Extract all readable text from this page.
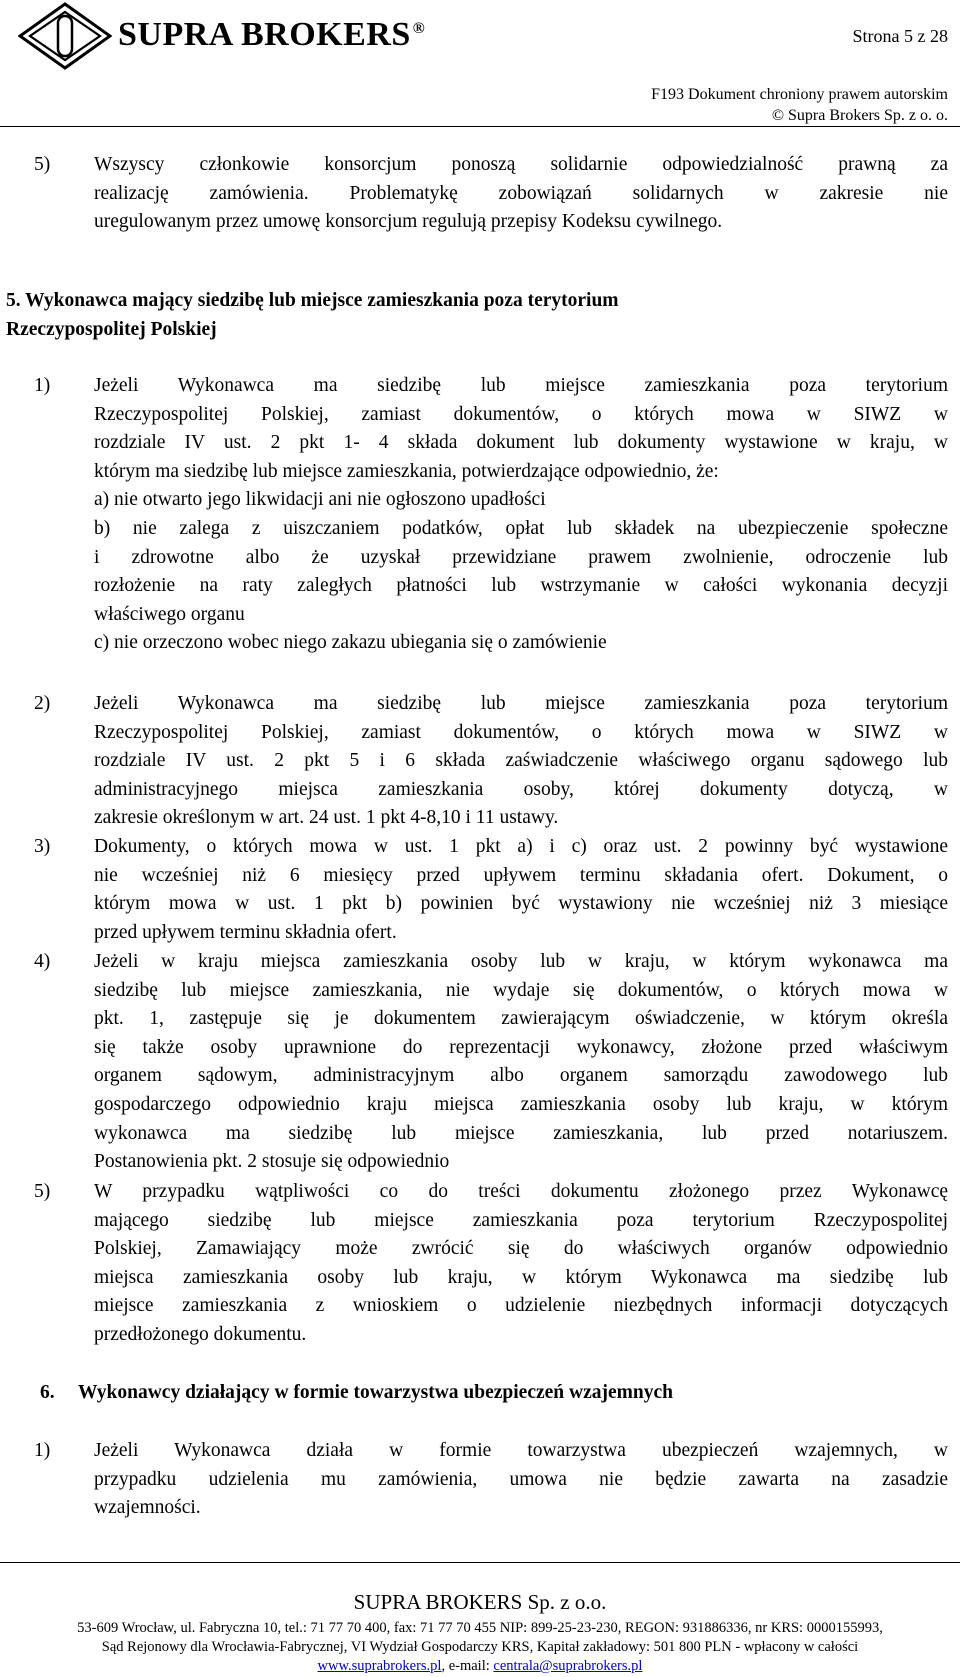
SUPRA BROKERS ®	Strona 5 z 28
F193 Dokument chroniony prawem autorskim
© Supra Brokers Sp. z o. o.
5) Wszyscy członkowie konsorcjum ponoszą solidarnie odpowiedzialność prawną za
realizację zamówienia. Problematykę zobowiązań solidarnych w zakresie nie
uregulowanym przez umowę konsorcjum regulują przepisy Kodeksu cywilnego.
5. Wykonawca mający siedzibę lub miejsce zamieszkania poza terytorium
Rzeczypospolitej Polskiej
1) Jeżeli Wykonawca ma siedzibę lub miejsce zamieszkania poza terytorium
Rzeczypospolitej Polskiej, zamiast dokumentów, o których mowa w SIWZ w
rozdziale IV ust. 2 pkt 1- 4 składa dokument lub dokumenty wystawione w kraju, w
którym ma siedzibę lub miejsce zamieszkania, potwierdzające odpowiednio, że:
a) nie otwarto jego likwidacji ani nie ogłoszono upadłości
b) nie zalega z uiszczaniem podatków, opłat lub składek na ubezpieczenie społeczne
i zdrowotne albo że uzyskał przewidziane prawem zwolnienie, odroczenie lub
rozłożenie na raty zaległych płatności lub wstrzymanie w całości wykonania decyzji
właściwego organu
c) nie orzeczono wobec niego zakazu ubiegania się o zamówienie
2) Jeżeli Wykonawca ma siedzibę lub miejsce zamieszkania poza terytorium
Rzeczypospolitej Polskiej, zamiast dokumentów, o których mowa w SIWZ w
rozdziale IV ust. 2 pkt 5 i 6 składa zaświadczenie właściwego organu sądowego lub
administracyjnego miejsca zamieszkania osoby, której dokumenty dotyczą, w
zakresie określonym w art. 24 ust. 1 pkt 4-8,10 i 11 ustawy.
3) Dokumenty, o których mowa w ust. 1 pkt a) i c) oraz ust. 2 powinny być wystawione
nie wcześniej niż 6 miesięcy przed upływem terminu składania ofert. Dokument, o
którym mowa w ust. 1 pkt b) powinien być wystawiony nie wcześniej niż 3 miesiące
przed upływem terminu składnia ofert.
4) Jeżeli w kraju miejsca zamieszkania osoby lub w kraju, w którym wykonawca ma
siedzibę lub miejsce zamieszkania, nie wydaje się dokumentów, o których mowa w
pkt. 1, zastępuje się je dokumentem zawierającym oświadczenie, w którym określa
się także osoby uprawnione do reprezentacji wykonawcy, złożone przed właściwym
organem sądowym, administracyjnym albo organem samorządu zawodowego lub
gospodarczego odpowiednio kraju miejsca zamieszkania osoby lub kraju, w którym
wykonawca ma siedzibę lub miejsce zamieszkania, lub przed notariuszem.
Postanowienia pkt. 2 stosuje się odpowiednio
5) W przypadku wątpliwości co do treści dokumentu złożonego przez Wykonawcę
mającego siedzibę lub miejsce zamieszkania poza terytorium Rzeczypospolitej
Polskiej, Zamawiający może zwrócić się do właściwych organów odpowiednio
miejsca zamieszkania osoby lub kraju, w którym Wykonawca ma siedzibę lub
miejsce zamieszkania z wnioskiem o udzielenie niezbędnych informacji dotyczących
przedłożonego dokumentu.
6. Wykonawcy działający w formie towarzystwa ubezpieczeń wzajemnych
1) Jeżeli Wykonawca działa w formie towarzystwa ubezpieczeń wzajemnych, w
przypadku udzielenia mu zamówienia, umowa nie będzie zawarta na zasadzie
wzajemności.
SUPRA BROKERS Sp. z o.o.
53-609 Wrocław, ul. Fabryczna 10, tel.: 71 77 70 400, fax: 71 77 70 455 NIP: 899-25-23-230, REGON: 931886336, nr KRS: 0000155993,
Sąd Rejonowy dla Wrocławia-Fabrycznej, VI Wydział Gospodarczy KRS, Kapitał zakładowy: 501 800 PLN - wpłacony w całości
www.suprabrokers.pl, e-mail: centrala@suprabrokers.pl
